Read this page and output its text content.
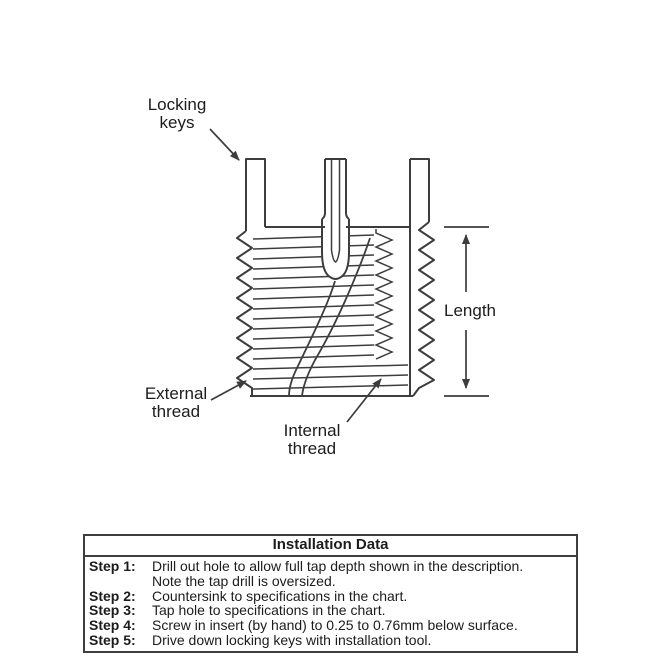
Locking keys
Length
External thread
Internal thread
Installation Data
Step 1:	Drill out hole to allow full tap depth shown in the description.
Note the tap drill is oversized.
Step 2:	Countersink to specifications in the chart.
Step 3:	Tap hole to specifications in the chart.
Step 4:	Screw in insert (by hand) to 0.25 to 0.76mm below surface.
Step 5:	Drive down locking keys with installation tool.
